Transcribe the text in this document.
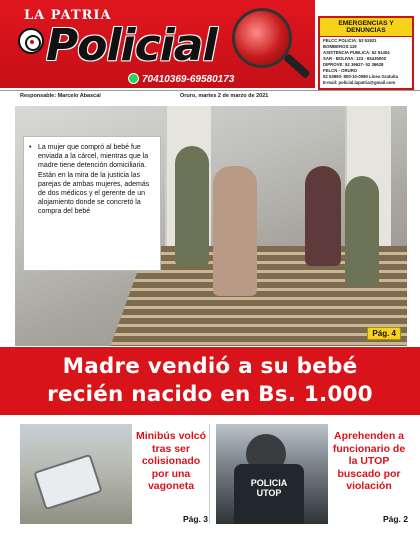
LA PATRIA
Policial
70410369-69580173
EMERGENCIAS Y DENUNCIAS
FELCC POLICIA: 52 51921
BOMBEROS:119
ASISTENCIA PUBLICA: 52 51404
SAR - BOLIVIA: 123 - 65435000
DIPROVE: 52 36627- 52 36628
FELCN - ORURO
52 53893- 800-10-0080 Línea Gratuita
E-mail: policial.lapatria@gmail.com
Responsable: Marcelo Abascal	Oruro, martes 2 de marzo de 2021
• La mujer que compró al bebé fue enviada a la cárcel, mientras que la madre tiene detención domiciliaria. Están en la mira de la justicia las parejas de ambas mujeres, además de dos médicos y el gerente de un alojamiento donde se concretó la compra del bebé
Pág. 4
Madre vendió a su bebé
recién nacido en Bs. 1.000
Minibús volcó tras ser colisionado por una vagoneta
Pág. 3
POLICIA
UTOP
Aprehenden a funcionario de la UTOP buscado por violación
Pág. 2
